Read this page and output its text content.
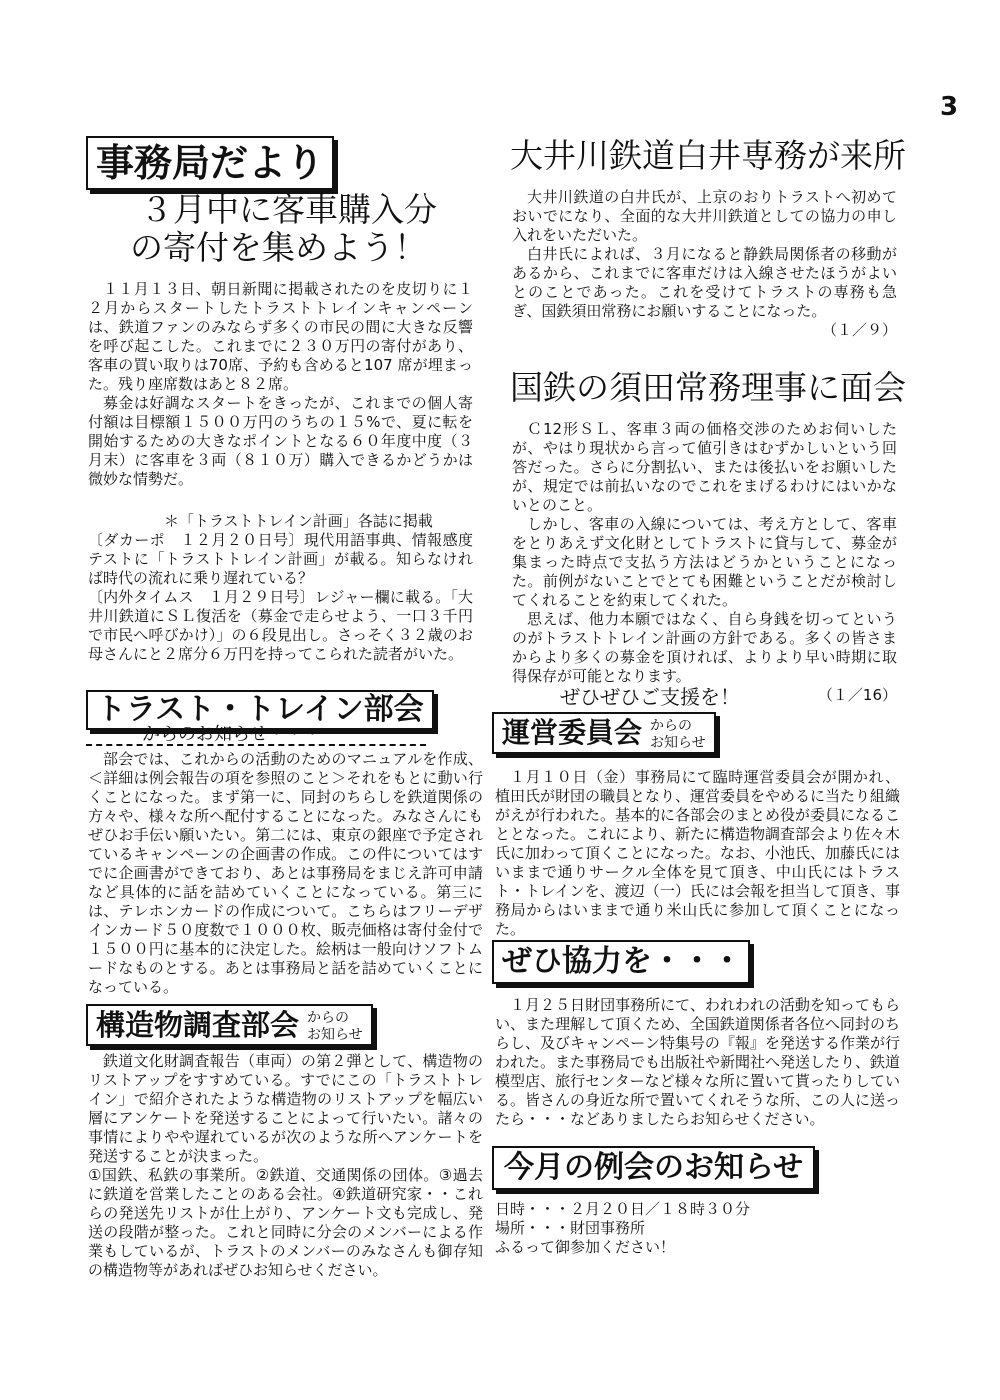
3
事務局だより
３月中に客車購入分
の寄付を集めよう！

１１月１３日、朝日新聞に掲載されたのを皮切りに１２月からスタートしたトラストトレインキャンペーンは、鉄道ファンのみならず多くの市民の間に大きな反響を呼び起こした。これまでに２３０万円の寄付があり、客車の買い取りは70席、予約も含めると107 席が埋まった。残り座席数はあと８２席。

募金は好調なスタートをきったが、これまでの個人寄付額は目標額１５００万円のうちの１５%で、夏に転を開始するための大きなポイントとなる６０年度中度（３月末）に客車を３両（８１０万）購入できるかどうかは微妙な情勢だ。

＊「トラストトレイン計画」各誌に掲載

〔ダカーポ　１２月２０日号〕現代用語事典、情報感度テストに「トラストトレイン計画」が載る。知らなければ時代の流れに乗り遅れている？

〔内外タイムス　１月２９日号〕レジャー欄に載る。「大井川鉄道にＳＬ復活を（募金で走らせよう、一口３千円で市民へ呼びかけ）」の６段見出し。さっそく３２歳のお母さんにと２席分６万円を持ってこられた読者がいた。

トラスト・トレイン部会
からのお知らせ・・・

部会では、これからの活動のためのマニュアルを作成、＜詳細は例会報告の項を参照のこと＞それをもとに動い行くことになった。まず第一に、同封のちらしを鉄道関係の方々や、様々な所へ配付することになった。みなさんにもぜひお手伝い願いたい。第二には、東京の銀座で予定されているキャンペーンの企画書の作成。この件についてはすでに企画書ができており、あとは事務局をまじえ許可申請など具体的に話を詰めていくことになっている。第三には、テレホンカードの作成について。こちらはフリーデザインカード５０度数で１０００枚、販売価格は寄付金付で１５００円に基本的に決定した。絵柄は一般向けソフトムードなものとする。あとは事務局と話を詰めていくことになっている。

構造物調査部会 からの
お知らせ

鉄道文化財調査報告（車両）の第２弾として、構造物のリストアップをすすめている。すでにこの「トラストトレイン」で紹介されたような構造物のリストアップを幅広い層にアンケートを発送することによって行いたい。諸々の事情によりやや遅れているが次のような所へアンケートを発送することが決まった。

①国鉄、私鉄の事業所。②鉄道、交通関係の団体。③過去に鉄道を営業したことのある会社。④鉄道研究家・・これらの発送先リストが仕上がり、アンケート文も完成し、発送の段階が整った。これと同時に分会のメンバーによる作業もしているが、トラストのメンバーのみなさんも御存知の構造物等があればぜひお知らせください。

大井川鉄道白井専務が来所

大井川鉄道の白井氏が、上京のおりトラストへ初めておいでになり、全面的な大井川鉄道としての協力の申し入れをいただいた。

白井氏によれば、３月になると静鉄局関係者の移動があるから、これまでに客車だけは入線させたほうがよいとのことであった。これを受けてトラストの専務も急ぎ、国鉄須田常務にお願いすることになった。

（１／９）

国鉄の須田常務理事に面会

Ｃ12形ＳＬ、客車３両の価格交渉のためお伺いしたが、やはり現状から言って値引きはむずかしいという回答だった。さらに分割払い、または後払いをお願いしたが、規定では前払いなのでこれをまげるわけにはいかないとのこと。

しかし、客車の入線については、考え方として、客車をとりあえず文化財としてトラストに貸与して、募金が集まった時点で支払う方法はどうかということになった。前例がないことでとても困難ということだが検討してくれることを約束してくれた。

思えば、他力本願ではなく、自ら身銭を切ってというのがトラストトレイン計画の方針である。多くの皆さまからより多くの募金を頂ければ、よりより早い時期に取得保存が可能となります。

（１／16）

ぜひぜひご支援を！
運営委員会 からの
お知らせ

１月１０日（金）事務局にて臨時運営委員会が開かれ、植田氏が財団の職員となり、運営委員をやめるに当たり組織がえが行われた。基本的に各部会のまとめ役が委員になることとなった。これにより、新たに構造物調査部会より佐々木氏に加わって頂くことになった。なお、小池氏、加藤氏にはいままで通りサークル全体を見て頂き、中山氏にはトラスト・トレインを、渡辺（一）氏には会報を担当して頂き、事務局からはいままで通り米山氏に参加して頂くことになった。

ぜひ協力を・・・

１月２５日財団事務所にて、われわれの活動を知ってもらい、また理解して頂くため、全国鉄道関係者各位へ同封のちらし、及びキャンペーン特集号の『報』を発送する作業が行われた。また事務局でも出版社や新聞社へ発送したり、鉄道模型店、旅行センターなど様々な所に置いて貰ったりしている。皆さんの身近な所で置いてくれそうな所、この人に送ったら・・・などありましたらお知らせください。

今月の例会のお知らせ

日時・・・２月２０日／１８時３０分

場所・・・財団事務所

ふるって御参加ください！
